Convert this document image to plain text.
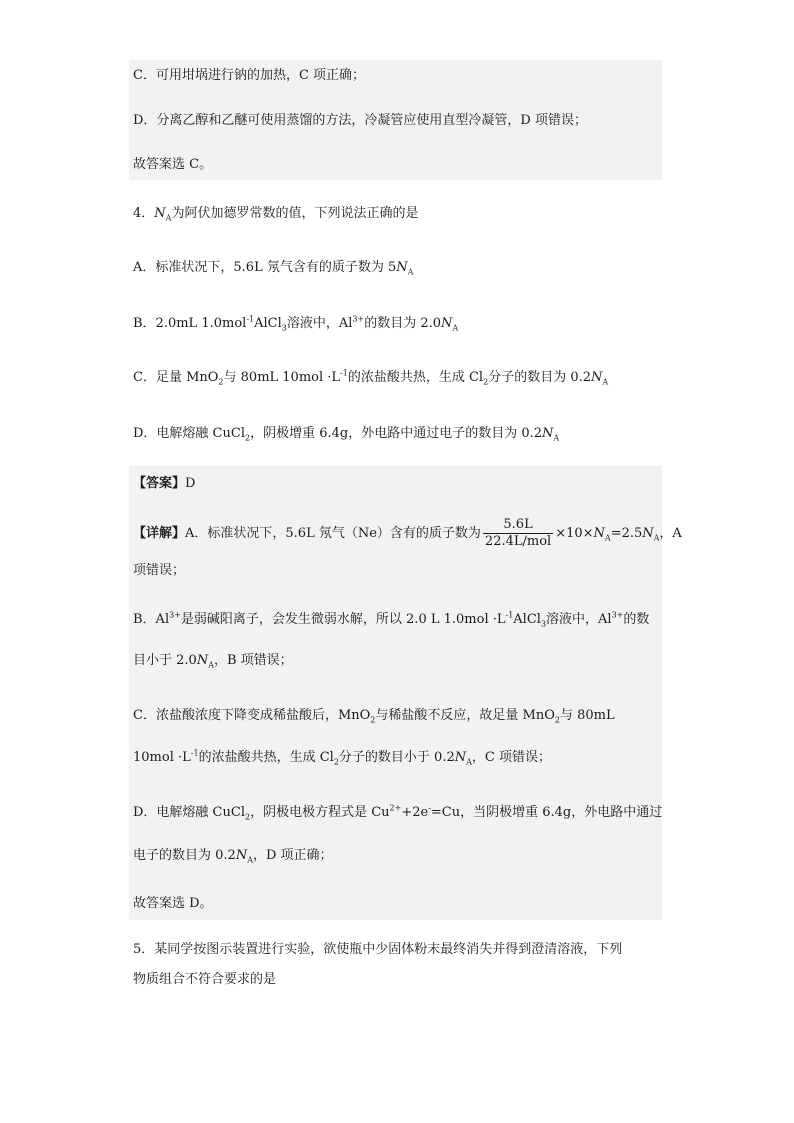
C．可用坩埚进行钠的加热，C 项正确；
D．分离乙醇和乙醚可使用蒸馏的方法，冷凝管应使用直型冷凝管，D 项错误；
故答案选 C。
4．$N_A$为阿伏加德罗常数的值，下列说法正确的是
A．标准状况下，5.6L 氖气含有的质子数为 $5N_A$
B．2.0mL 1.0mol$^{-1}$AlCl$_3$溶液中，$Al^{3+}$的数目为 $2.0N_A$
C．足量 MnO$_2$与 80mL $10mol \cdot L^{-1}$的浓盐酸共热，生成 $Cl_2$分子的数目为 $0.2N_A$
D．电解熔融 CuCl$_2$，阴极增重 6.4g，外电路中通过电子的数目为 $0.2N_A$
【答案】D
【详解】A．标准状况下，5.6L 氖气（Ne）含有的质子数为 $\frac{5.6L}{\text{22.4L/mol}} \times 10\times N_A=2.5N_A$，A
项错误；
B．$Al^{3+}$是弱碱阳离子，会发生微弱水解，所以 2.0 L $1.0mol \cdot L^{-1}AlCl_3$溶液中，$Al^{3+}$的数
目小于 $2.0N_A$，B 项错误；
C．浓盐酸浓度下降变成稀盐酸后，MnO$_2$与稀盐酸不反应，故足量 MnO$_2$与 80mL
$10mol \cdot L^{-1}$的浓盐酸共热，生成 $Cl_2$分子的数目小于 $0.2N_A$，C 项错误；
D．电解熔融 CuCl$_2$，阴极电极方程式是 $Cu^{2+}+2e^-=Cu$，当阴极增重 6.4g，外电路中通过
电子的数目为 $0.2N_A$，D 项正确；
故答案选 D。
5．某同学按图示装置进行实验，欲使瓶中少固体粉末最终消失并得到澄清溶液，下列
物质组合不符合要求的是
